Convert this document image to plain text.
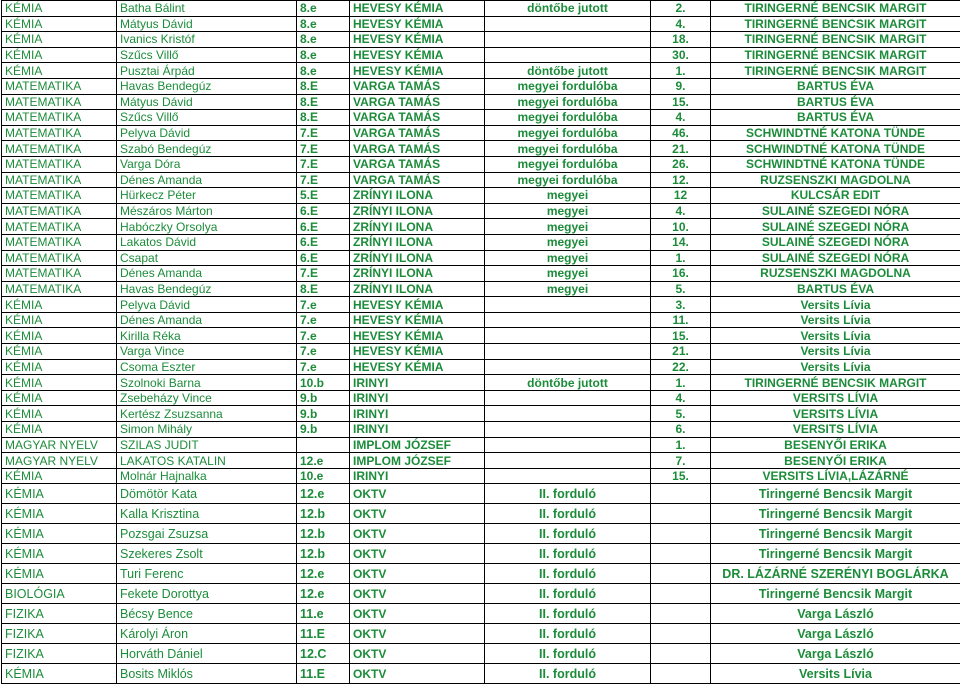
KÉMIA	Batha Bálint	8.e	HEVESY KÉMIA	döntőbe jutott	2.	TIRINGERNÉ BENCSIK MARGIT
KÉMIA	Mátyus Dávid	8.e	HEVESY KÉMIA		4.	TIRINGERNÉ BENCSIK MARGIT
KÉMIA	Ivanics Kristóf	8.e	HEVESY KÉMIA		18.	TIRINGERNÉ BENCSIK MARGIT
KÉMIA	Szűcs Villő	8.e	HEVESY KÉMIA		30.	TIRINGERNÉ BENCSIK MARGIT
KÉMIA	Pusztai Árpád	8.e	HEVESY KÉMIA	döntőbe jutott	1.	TIRINGERNÉ BENCSIK MARGIT
MATEMATIKA	Havas Bendegúz	8.E	VARGA TAMÁS	megyei fordulóba	9.	BARTUS ÉVA
MATEMATIKA	Mátyus Dávid	8.E	VARGA TAMÁS	megyei fordulóba	15.	BARTUS ÉVA
MATEMATIKA	Szűcs Villő	8.E	VARGA TAMÁS	megyei fordulóba	4.	BARTUS ÉVA
MATEMATIKA	Pelyva Dávid	7.E	VARGA TAMÁS	megyei fordulóba	46.	SCHWINDTNÉ KATONA TÜNDE
MATEMATIKA	Szabó Bendegúz	7.E	VARGA TAMÁS	megyei fordulóba	21.	SCHWINDTNÉ KATONA TÜNDE
MATEMATIKA	Varga Dóra	7.E	VARGA TAMÁS	megyei fordulóba	26.	SCHWINDTNÉ KATONA TÜNDE
MATEMATIKA	Dénes Amanda	7.E	VARGA TAMÁS	megyei fordulóba	12.	RUZSENSZKI MAGDOLNA
MATEMATIKA	Hürkecz Péter	5.E	ZRÍNYI ILONA	megyei	12	KULCSÁR EDIT
MATEMATIKA	Mészáros Márton	6.E	ZRÍNYI ILONA	megyei	4.	SULAINÉ SZEGEDI NÓRA
MATEMATIKA	Habóczky Orsolya	6.E	ZRÍNYI ILONA	megyei	10.	SULAINÉ SZEGEDI NÓRA
MATEMATIKA	Lakatos Dávid	6.E	ZRÍNYI ILONA	megyei	14.	SULAINÉ SZEGEDI NÓRA
MATEMATIKA	Csapat	6.E	ZRÍNYI ILONA	megyei	1.	SULAINÉ SZEGEDI NÓRA
MATEMATIKA	Dénes Amanda	7.E	ZRÍNYI ILONA	megyei	16.	RUZSENSZKI MAGDOLNA
MATEMATIKA	Havas Bendegúz	8.E	ZRÍNYI ILONA	megyei	5.	BARTUS ÉVA
KÉMIA	Pelyva Dávid	7.e	HEVESY KÉMIA		3.	Versits Lívia
KÉMIA	Dénes Amanda	7.e	HEVESY KÉMIA		11.	Versits Lívia
KÉMIA	Kirilla Réka	7.e	HEVESY KÉMIA		15.	Versits Lívia
KÉMIA	Varga Vince	7.e	HEVESY KÉMIA		21.	Versits Lívia
KÉMIA	Csoma Eszter	7.e	HEVESY KÉMIA		22.	Versits Lívia
KÉMIA	Szolnoki Barna	10.b	IRINYI	döntőbe jutott	1.	TIRINGERNÉ BENCSIK MARGIT
KÉMIA	Zsebeházy Vince	9.b	IRINYI		4.	VERSITS LÍVIA
KÉMIA	Kertész Zsuzsanna	9.b	IRINYI		5.	VERSITS LÍVIA
KÉMIA	Simon Mihály	9.b	IRINYI		6.	VERSITS LÍVIA
MAGYAR NYELV	SZILAS JUDIT		IMPLOM JÓZSEF		1.	BESENYŐI ERIKA
MAGYAR NYELV	LAKATOS KATALIN	12.e	IMPLOM JÓZSEF		7.	BESENYŐI ERIKA
KÉMIA	Molnár Hajnalka	10.e	IRINYI		15.	VERSITS LÍVIA,LÁZÁRNÉ
KÉMIA	Dömötör Kata	12.e	OKTV	II. forduló		Tiringerné Bencsik Margit
KÉMIA	Kalla Krisztina	12.b	OKTV	II. forduló		Tiringerné Bencsik Margit
KÉMIA	Pozsgai Zsuzsa	12.b	OKTV	II. forduló		Tiringerné Bencsik Margit
KÉMIA	Szekeres Zsolt	12.b	OKTV	II. forduló		Tiringerné Bencsik Margit
KÉMIA	Turi Ferenc	12.e	OKTV	II. forduló		DR. LÁZÁRNÉ SZERÉNYI BOGLÁRKA
BIOLÓGIA	Fekete Dorottya	12.e	OKTV	II. forduló		Tiringerné Bencsik Margit
FIZIKA	Bécsy Bence	11.e	OKTV	II. forduló		Varga László
FIZIKA	Károlyi Áron	11.E	OKTV	II. forduló		Varga László
FIZIKA	Horváth Dániel	12.C	OKTV	II. forduló		Varga László
KÉMIA	Bosits Miklós	11.E	OKTV	II. forduló		Versits Lívia
